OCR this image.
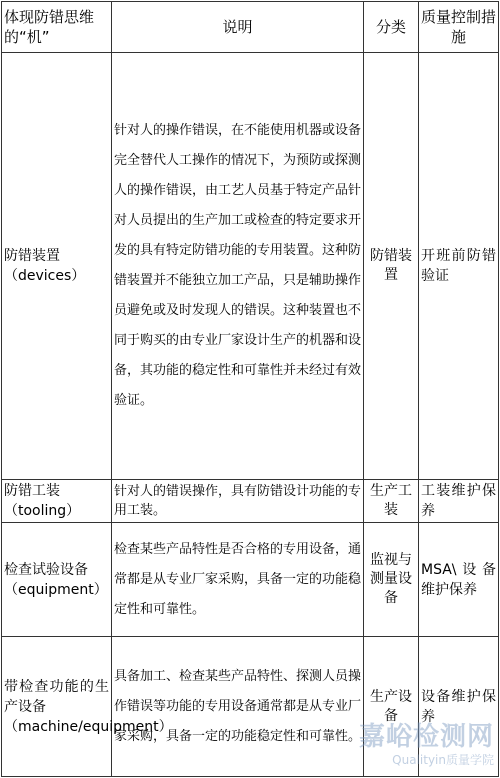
体现防错思维的“机”	说明	分类	质量控制措施
防错装置
（devices）	针对人的操作错误，在不能使用机器或设备完全替代人工操作的情况下，为预防或探测人的操作错误，由工艺人员基于特定产品针对人员提出的生产加工或检查的特定要求开发的具有特定防错功能的专用装置。这种防错装置并不能独立加工产品，只是辅助操作员避免或及时发现人的错误。这种装置也不同于购买的由专业厂家设计生产的机器和设备，其功能的稳定性和可靠性并未经过有效验证。	防错装置	开班前防错验证
防错工装
（tooling）	针对人的错误操作，具有防错设计功能的专用工装。	生产工装	工装维护保养
检查试验设备
（equipment）	检查某些产品特性是否合格的专用设备，通常都是从专业厂家采购，具备一定的功能稳定性和可靠性。	监视与测量设备	MSA\设备维护保养
带检查功能的生产设备
（machine/equipment）	具备加工、检查某些产品特性、探测人员操作错误等功能的专用设备通常都是从专业厂家采购，具备一定的功能稳定性和可靠性。	生产设备	设备维护保养
嘉峪检测网
Qualityin质量学院
